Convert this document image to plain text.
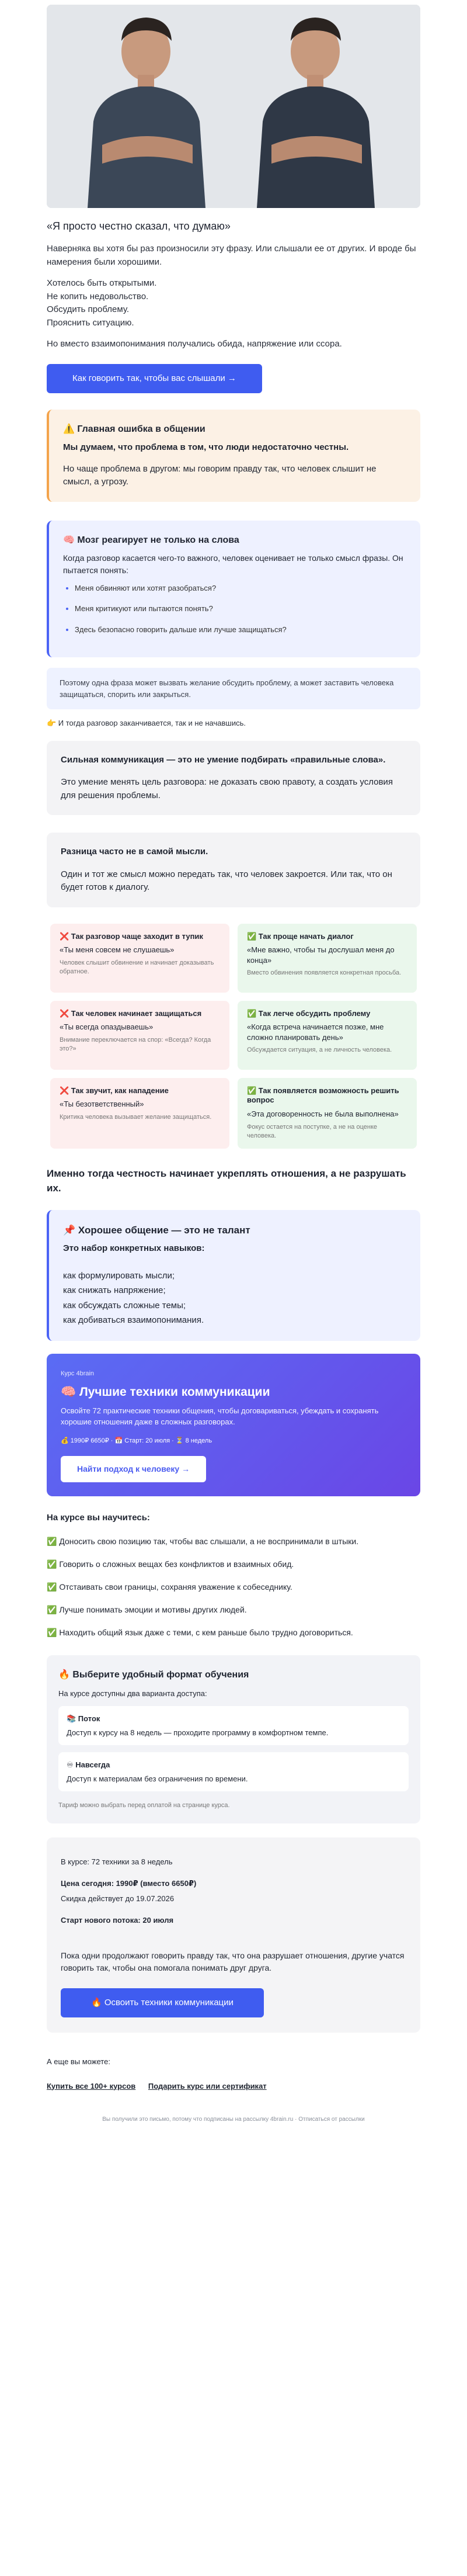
«Я просто честно сказал, что думаю»

Наверняка вы хотя бы раз произносили эту фразу. Или слышали ее от других. И вроде бы намерения были хорошими.

Хотелось быть открытыми.
Не копить недовольство.
Обсудить проблему.
Прояснить ситуацию.

Но вместо взаимопонимания получались обида, напряжение или ссора.

Как говорить так, чтобы вас слышали →
⚠️ Главная ошибка в общении

Мы думаем, что проблема в том, что люди недостаточно честны.

Но чаще проблема в другом: мы говорим правду так, что человек слышит не смысл, а угрозу.

🧠 Мозг реагирует не только на слова

Когда разговор касается чего-то важного, человек оценивает не только смысл фразы. Он пытается понять:

• Меня обвиняют или хотят разобраться?
• Меня критикуют или пытаются понять?
• Здесь безопасно говорить дальше или лучше защищаться?
Поэтому одна фраза может вызвать желание обсудить проблему, а может заставить человека защищаться, спорить или закрыться.

👉 И тогда разговор заканчивается, так и не начавшись.

Сильная коммуникация — это не умение подбирать «правильные слова».

Это умение менять цель разговора: не доказать свою правоту, а создать условия для решения проблемы.

Разница часто не в самой мысли.

Один и тот же смысл можно передать так, что человек закроется. Или так, что он будет готов к диалогу.

❌ Так разговор чаще заходит в тупик
«Ты меня совсем не слушаешь»
Человек слышит обвинение и начинает доказывать обратное.
✅ Так проще начать диалог
«Мне важно, чтобы ты дослушал меня до конца»
Вместо обвинения появляется конкретная просьба.
❌ Так человек начинает защищаться
«Ты всегда опаздываешь»
Внимание переключается на спор: «Всегда? Когда это?»
✅ Так легче обсудить проблему
«Когда встреча начинается позже, мне сложно планировать день»
Обсуждается ситуация, а не личность человека.
❌ Так звучит, как нападение
«Ты безответственный»
Критика человека вызывает желание защищаться.
✅ Так появляется возможность решить вопрос
«Эта договоренность не была выполнена»
Фокус остается на поступке, а не на оценке человека.

Именно тогда честность начинает укреплять отношения, а не разрушать их.

📌 Хорошее общение — это не талант

Это набор конкретных навыков:

как формулировать мысли;
как снижать напряжение;
как обсуждать сложные темы;
как добиваться взаимопонимания.
Курс 4brain
🧠 Лучшие техники коммуникации
Освойте 72 практические техники общения, чтобы договариваться, убеждать и сохранять хорошие отношения даже в сложных разговорах.
💰 1990₽ 6650₽ · 📅 Старт: 20 июля · ⏳ 8 недель
Найти подход к человеку →

На курсе вы научитесь:

✅ Доносить свою позицию так, чтобы вас слышали, а не воспринимали в штыки.

✅ Говорить о сложных вещах без конфликтов и взаимных обид.

✅ Отстаивать свои границы, сохраняя уважение к собеседнику.

✅ Лучше понимать эмоции и мотивы других людей.

✅ Находить общий язык даже с теми, с кем раньше было трудно договориться.

🔥 Выберите удобный формат обучения

На курсе доступны два варианта доступа:

📚 Поток
Доступ к курсу на 8 недель — проходите программу в комфортном темпе.
♾ Навсегда
Доступ к материалам без ограничения по времени.

Тариф можно выбрать перед оплатой на странице курса.

В курсе: 72 техники за 8 недель

Цена сегодня: 1990₽ (вместо 6650₽)

Скидка действует до 19.07.2026

Старт нового потока: 20 июля

Пока одни продолжают говорить правду так, что она разрушает отношения, другие учатся говорить так, чтобы она помогала понимать друг друга.

🔥 Освоить техники коммуникации

А еще вы можете:

Купить все 100+ курсов Подарить курс или сертификат
Вы получили это письмо, потому что подписаны на рассылку 4brain.ru · Отписаться от рассылки
